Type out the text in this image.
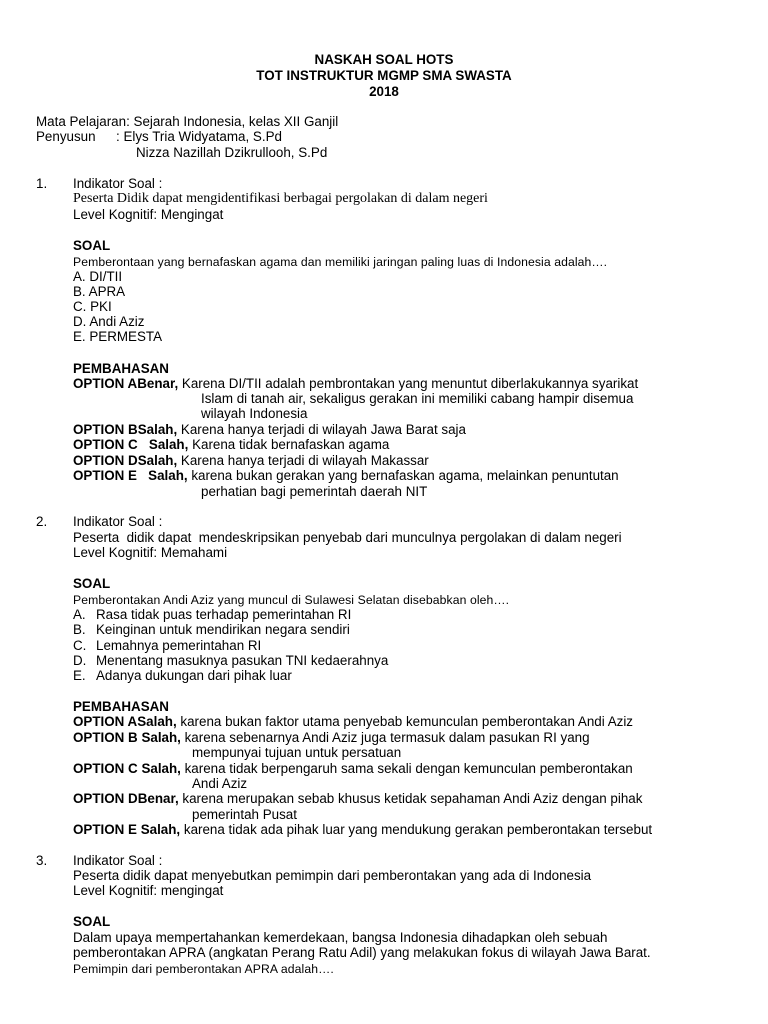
NASKAH SOAL HOTS
TOT INSTRUKTUR MGMP SMA SWASTA
2018
Mata Pelajaran: Sejarah Indonesia, kelas XII Ganjil
Penyusun : Elys Tria Widyatama, S.Pd
Nizza Nazillah Dzikrullooh, S.Pd
1. Indikator Soal :
Peserta Didik dapat mengidentifikasi berbagai pergolakan di dalam negeri
Level Kognitif: Mengingat
SOAL
Pemberontaan yang bernafaskan agama dan memiliki jaringan paling luas di Indonesia adalah….
A. DI/TII
B. APRA
C. PKI
D. Andi Aziz
E. PERMESTA
PEMBAHASAN
OPTION ABenar, Karena DI/TII adalah pembrontakan yang menuntut diberlakukannya syarikat
Islam di tanah air, sekaligus gerakan ini memiliki cabang hampir disemua
wilayah Indonesia
OPTION BSalah, Karena hanya terjadi di wilayah Jawa Barat saja
OPTION C   Salah, Karena tidak bernafaskan agama
OPTION DSalah, Karena hanya terjadi di wilayah Makassar
OPTION E   Salah, karena bukan gerakan yang bernafaskan agama, melainkan penuntutan
perhatian bagi pemerintah daerah NIT
2. Indikator Soal :
Peserta  didik dapat  mendeskripsikan penyebab dari munculnya pergolakan di dalam negeri
Level Kognitif: Memahami
SOAL
Pemberontakan Andi Aziz yang muncul di Sulawesi Selatan disebabkan oleh….
A. Rasa tidak puas terhadap pemerintahan RI
B. Keinginan untuk mendirikan negara sendiri
C. Lemahnya pemerintahan RI
D. Menentang masuknya pasukan TNI kedaerahnya
E. Adanya dukungan dari pihak luar
PEMBAHASAN
OPTION ASalah, karena bukan faktor utama penyebab kemunculan pemberontakan Andi Aziz
OPTION B Salah, karena sebenarnya Andi Aziz juga termasuk dalam pasukan RI yang
mempunyai tujuan untuk persatuan
OPTION C Salah, karena tidak berpengaruh sama sekali dengan kemunculan pemberontakan
Andi Aziz
OPTION DBenar, karena merupakan sebab khusus ketidak sepahaman Andi Aziz dengan pihak
pemerintah Pusat
OPTION E Salah, karena tidak ada pihak luar yang mendukung gerakan pemberontakan tersebut
3. Indikator Soal :
Peserta didik dapat menyebutkan pemimpin dari pemberontakan yang ada di Indonesia
Level Kognitif: mengingat
SOAL
Dalam upaya mempertahankan kemerdekaan, bangsa Indonesia dihadapkan oleh sebuah
pemberontakan APRA (angkatan Perang Ratu Adil) yang melakukan fokus di wilayah Jawa Barat.
Pemimpin dari pemberontakan APRA adalah….
